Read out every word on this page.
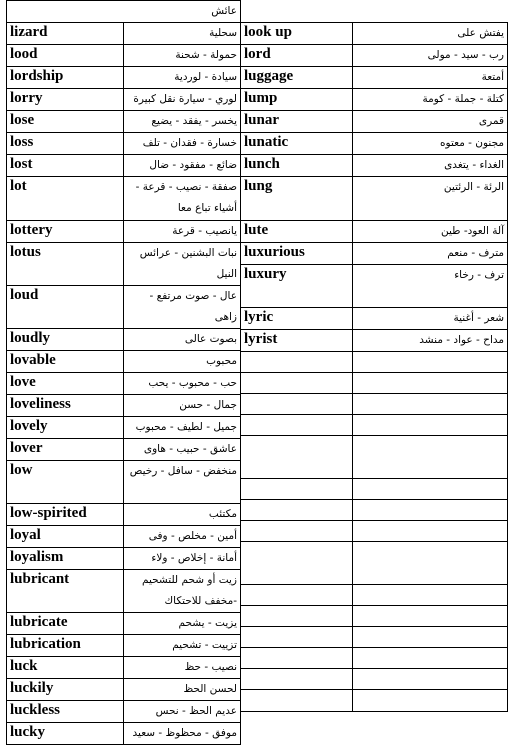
عائش	
lizard	سحلية
lood	حمولة - شحنة
lordship	سيادة - لوردية
lorry	لوري - سيارة نقل كبيرة
lose	يخسر - يفقد - يضيع
loss	خسارة - فقدان - تلف
lost	ضائع - مفقود - ضال
lot	صفقة - نصيب - قرعة - أشياء تباع معا
lottery	يانصيب - قرعة
lotus	نبات البشنين - عرائس النيل
loud	عال - صوت مرتفع - زاهى
loudly	بصوت عالى
lovable	محبوب
love	حب - محبوب - يحب
loveliness	جمال - حسن
lovely	جميل - لطيف - محبوب
lover	عاشق - حبيب - هاوى
low	منخفض - سافل - رخيص
low-spirited	مكتئب
loyal	أمين - مخلص - وفى
loyalism	أمانة - إخلاص - ولاء
lubricant	زيت أو شحم للتشحيم -مخفف للاحتكاك
lubricate	يزيت - يشحم
lubrication	تزييت - تشحيم
luck	نصيب - حظ
luckily	لحسن الحظ
luckless	عديم الحظ - نحس
lucky	موفق - محظوظ - سعيد
look up	يفتش على
lord	رب - سيد - مولى
luggage	أمتعة
lump	كتلة - جملة - كومة
lunar	قمرى
lunatic	مجنون - معتوه
lunch	الغداء - يتغدى
lung	الرئة - الرئتين
lute	آلة العود- طين
luxurious	مترف - منعم
luxury	ترف - رخاء
lyric	شعر - أغنية
lyrist	مداح - عواد - منشد
